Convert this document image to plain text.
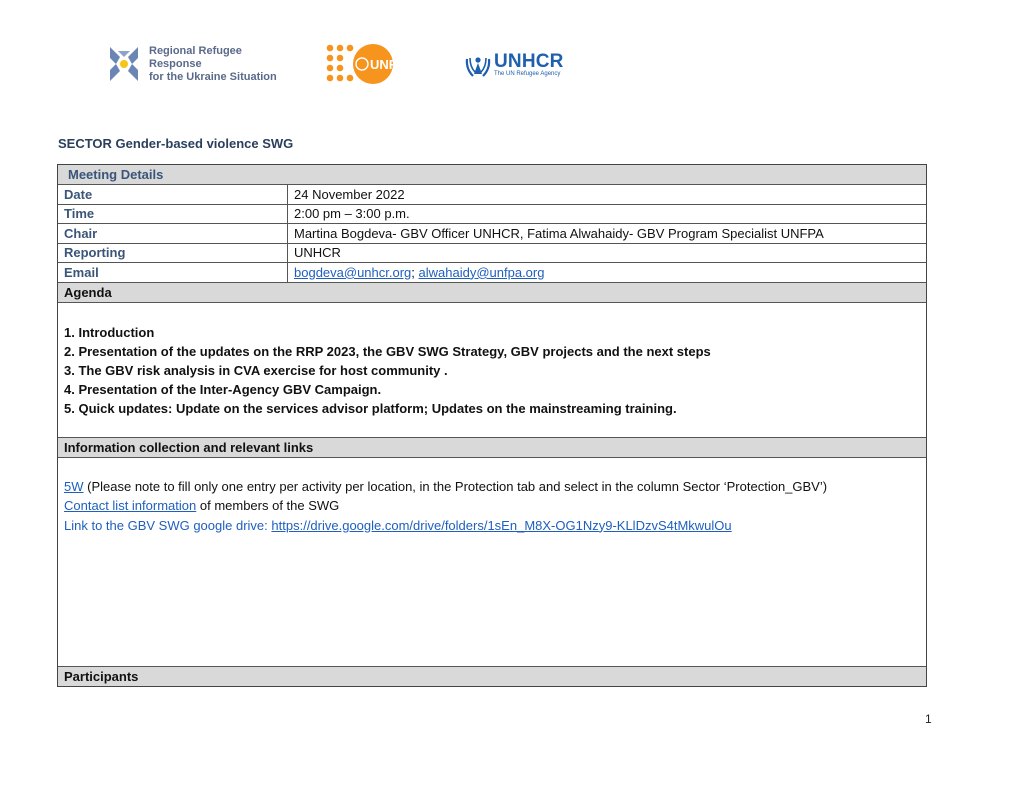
Regional Refugee Response
for the Ukraine Situation
UNFPA	UNHCR
The UN Refugee Agency
SECTOR Gender-based violence SWG
Meeting Details
Date	24 November 2022
Time	2:00 pm – 3:00 p.m.
Chair	Martina Bogdeva- GBV Officer UNHCR, Fatima Alwahaidy- GBV Program Specialist UNFPA
Reporting	UNHCR
Email	bogdeva@unhcr.org ;
alwahaidy@unfpa.org
Agenda
1. Introduction
2. Presentation of the updates on the RRP 2023, the GBV SWG Strategy, GBV projects and the next steps
3. The GBV risk analysis in CVA exercise for host community .
4. Presentation of the Inter-Agency GBV Campaign.
5. Quick updates: Update on the services advisor platform; Updates on the mainstreaming training.
Information collection and relevant links
5W (Please note to fill only one entry per activity per location, in the Protection tab and select in the column Sector ‘Protection_GBV’)
Contact list information of members of the SWG
Link to the GBV SWG google drive: https://drive.google.com/drive/folders/1sEn_M8X-OG1Nzy9-KLlDzvS4tMkwulOu
Participants
1
